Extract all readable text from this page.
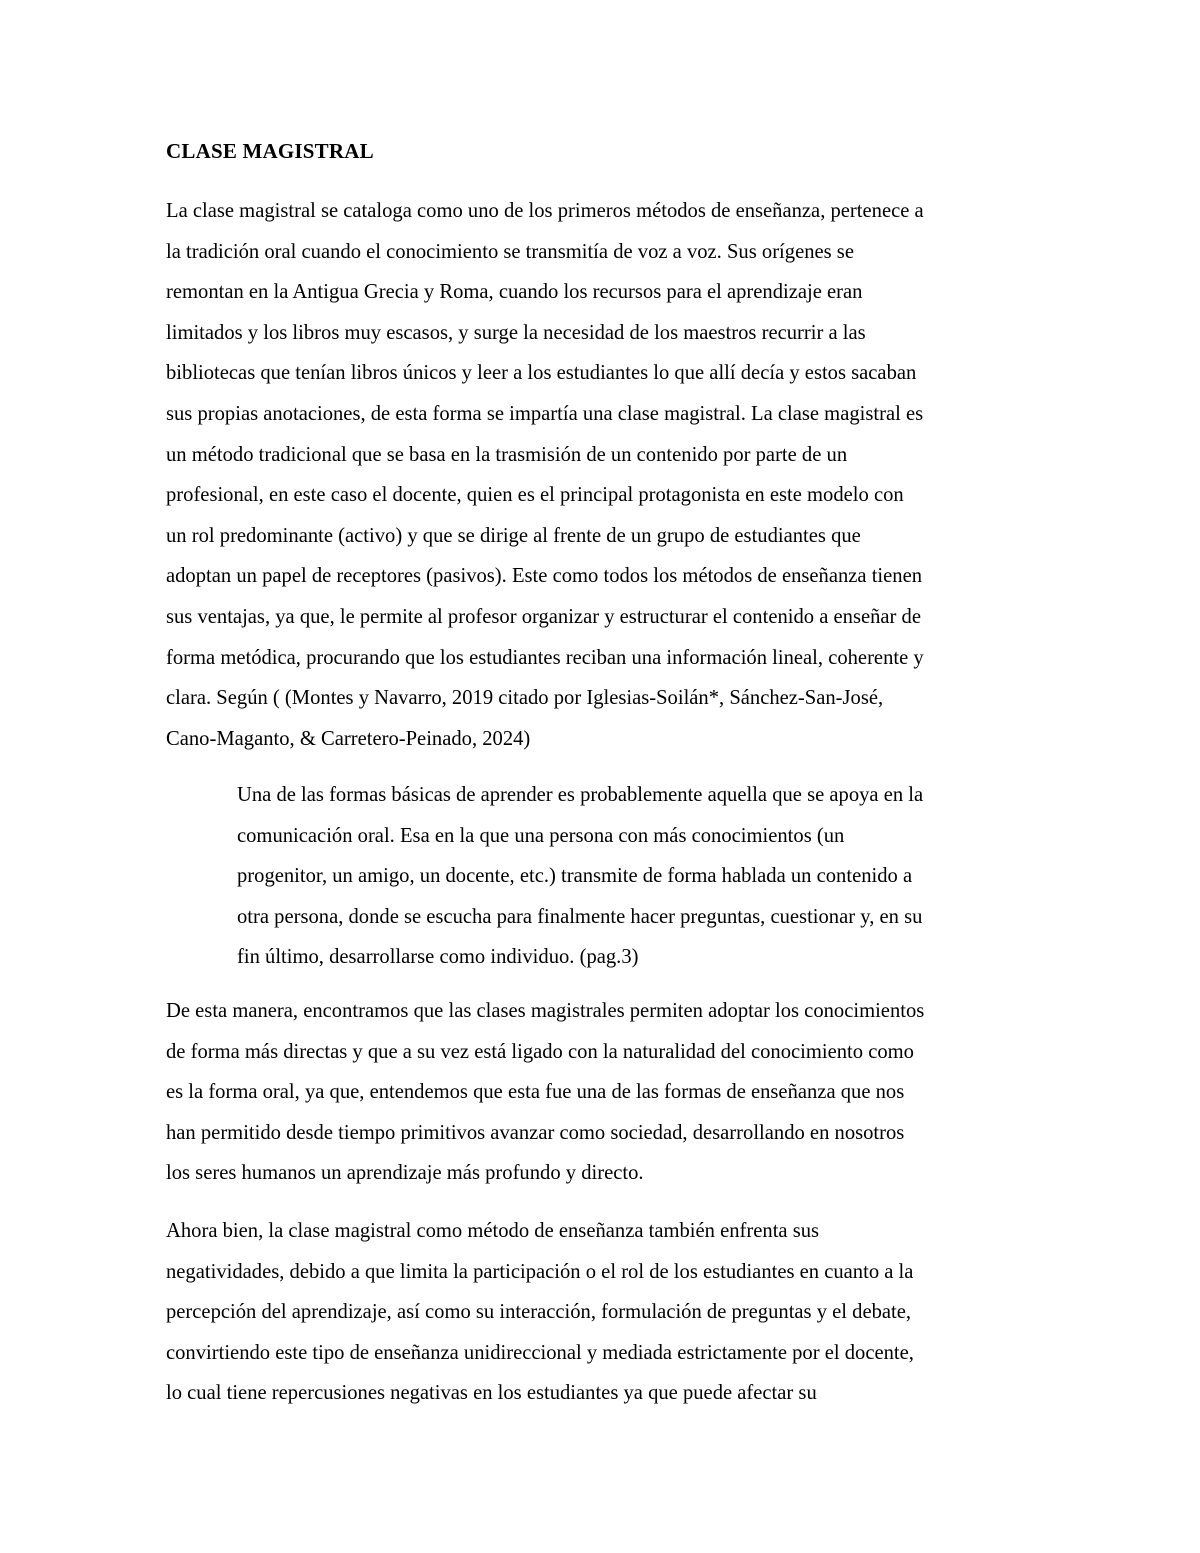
CLASE MAGISTRAL
La clase magistral se cataloga como uno de los primeros métodos de enseñanza, pertenece a
la tradición oral cuando el conocimiento se transmitía de voz a voz. Sus orígenes se
remontan en la Antigua Grecia y Roma, cuando los recursos para el aprendizaje eran
limitados y los libros muy escasos, y surge la necesidad de los maestros recurrir a las
bibliotecas que tenían libros únicos y leer a los estudiantes lo que allí decía y estos sacaban
sus propias anotaciones, de esta forma se impartía una clase magistral. La clase magistral es
un método tradicional que se basa en la trasmisión de un contenido por parte de un
profesional, en este caso el docente, quien es el principal protagonista en este modelo con
un rol predominante (activo) y que se dirige al frente de un grupo de estudiantes que
adoptan un papel de receptores (pasivos). Este como todos los métodos de enseñanza tienen
sus ventajas, ya que, le permite al profesor organizar y estructurar el contenido a enseñar de
forma metódica, procurando que los estudiantes reciban una información lineal, coherente y
clara. Según ( (Montes y Navarro, 2019 citado por Iglesias-Soilán*, Sánchez-San-José,
Cano-Maganto, & Carretero-Peinado, 2024)
Una de las formas básicas de aprender es probablemente aquella que se apoya en la
comunicación oral. Esa en la que una persona con más conocimientos (un
progenitor, un amigo, un docente, etc.) transmite de forma hablada un contenido a
otra persona, donde se escucha para finalmente hacer preguntas, cuestionar y, en su
fin último, desarrollarse como individuo. (pag.3)
De esta manera, encontramos que las clases magistrales permiten adoptar los conocimientos
de forma más directas y que a su vez está ligado con la naturalidad del conocimiento como
es la forma oral, ya que, entendemos que esta fue una de las formas de enseñanza que nos
han permitido desde tiempo primitivos avanzar como sociedad, desarrollando en nosotros
los seres humanos un aprendizaje más profundo y directo.
Ahora bien, la clase magistral como método de enseñanza también enfrenta sus
negatividades, debido a que limita la participación o el rol de los estudiantes en cuanto a la
percepción del aprendizaje, así como su interacción, formulación de preguntas y el debate,
convirtiendo este tipo de enseñanza unidireccional y mediada estrictamente por el docente,
lo cual tiene repercusiones negativas en los estudiantes ya que puede afectar su
